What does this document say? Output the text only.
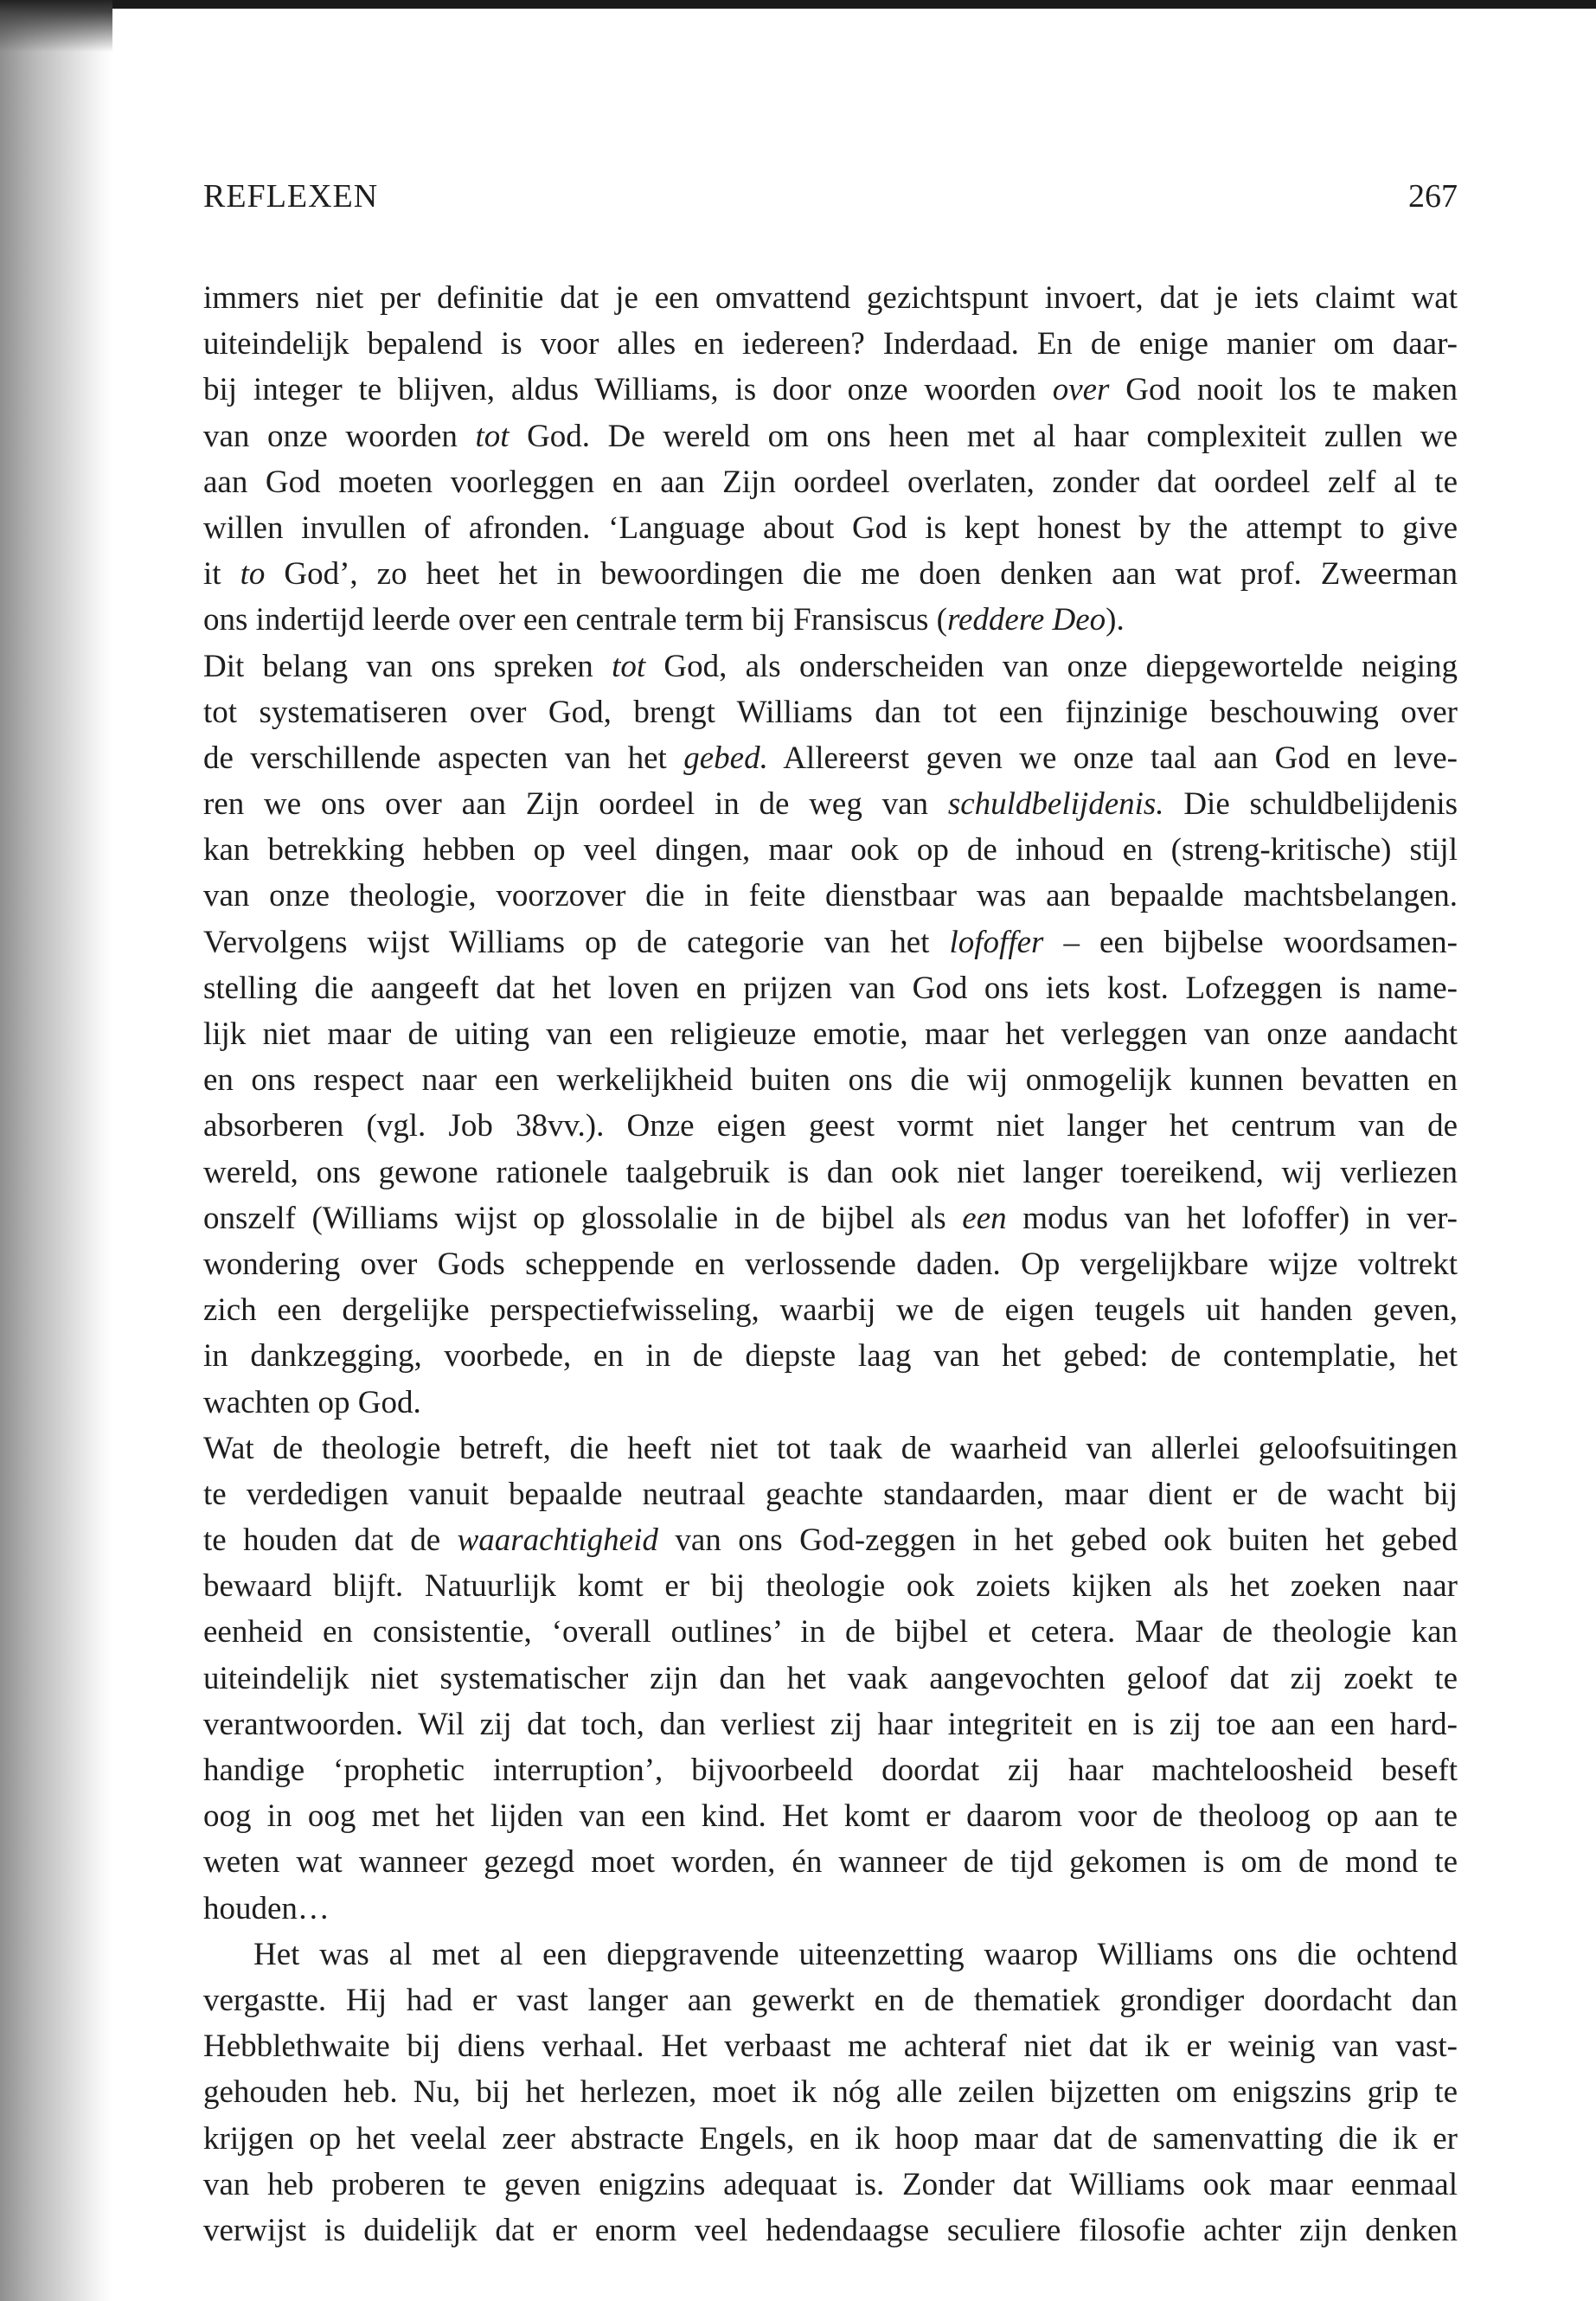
REFLEXEN	267
immers niet per definitie dat je een omvattend gezichtspunt invoert, dat je iets claimt wat
uiteindelijk bepalend is voor alles en iedereen? Inderdaad. En de enige manier om daar-
bij integer te blijven, aldus Williams, is door onze woorden over God nooit los te maken
van onze woorden tot God. De wereld om ons heen met al haar complexiteit zullen we
aan God moeten voorleggen en aan Zijn oordeel overlaten, zonder dat oordeel zelf al te
willen invullen of afronden. ‘Language about God is kept honest by the attempt to give
it to God’, zo heet het in bewoordingen die me doen denken aan wat prof. Zweerman
ons indertijd leerde over een centrale term bij Fransiscus (reddere Deo).
Dit belang van ons spreken tot God, als onderscheiden van onze diepgewortelde neiging
tot systematiseren over God, brengt Williams dan tot een fijnzinige beschouwing over
de verschillende aspecten van het gebed. Allereerst geven we onze taal aan God en leve-
ren we ons over aan Zijn oordeel in de weg van schuldbelijdenis. Die schuldbelijdenis
kan betrekking hebben op veel dingen, maar ook op de inhoud en (streng-kritische) stijl
van onze theologie, voorzover die in feite dienstbaar was aan bepaalde machtsbelangen.
Vervolgens wijst Williams op de categorie van het lofoffer – een bijbelse woordsamen-
stelling die aangeeft dat het loven en prijzen van God ons iets kost. Lofzeggen is name-
lijk niet maar de uiting van een religieuze emotie, maar het verleggen van onze aandacht
en ons respect naar een werkelijkheid buiten ons die wij onmogelijk kunnen bevatten en
absorberen (vgl. Job 38vv.). Onze eigen geest vormt niet langer het centrum van de
wereld, ons gewone rationele taalgebruik is dan ook niet langer toereikend, wij verliezen
onszelf (Williams wijst op glossolalie in de bijbel als een modus van het lofoffer) in ver-
wondering over Gods scheppende en verlossende daden. Op vergelijkbare wijze voltrekt
zich een dergelijke perspectiefwisseling, waarbij we de eigen teugels uit handen geven,
in dankzegging, voorbede, en in de diepste laag van het gebed: de contemplatie, het
wachten op God.
Wat de theologie betreft, die heeft niet tot taak de waarheid van allerlei geloofsuitingen
te verdedigen vanuit bepaalde neutraal geachte standaarden, maar dient er de wacht bij
te houden dat de waarachtigheid van ons God-zeggen in het gebed ook buiten het gebed
bewaard blijft. Natuurlijk komt er bij theologie ook zoiets kijken als het zoeken naar
eenheid en consistentie, ‘overall outlines’ in de bijbel et cetera. Maar de theologie kan
uiteindelijk niet systematischer zijn dan het vaak aangevochten geloof dat zij zoekt te
verantwoorden. Wil zij dat toch, dan verliest zij haar integriteit en is zij toe aan een hard-
handige ‘prophetic interruption’, bijvoorbeeld doordat zij haar machteloosheid beseft
oog in oog met het lijden van een kind. Het komt er daarom voor de theoloog op aan te
weten wat wanneer gezegd moet worden, én wanneer de tijd gekomen is om de mond te
houden…
Het was al met al een diepgravende uiteenzetting waarop Williams ons die ochtend
vergastte. Hij had er vast langer aan gewerkt en de thematiek grondiger doordacht dan
Hebblethwaite bij diens verhaal. Het verbaast me achteraf niet dat ik er weinig van vast-
gehouden heb. Nu, bij het herlezen, moet ik nóg alle zeilen bijzetten om enigszins grip te
krijgen op het veelal zeer abstracte Engels, en ik hoop maar dat de samenvatting die ik er
van heb proberen te geven enigzins adequaat is. Zonder dat Williams ook maar eenmaal
verwijst is duidelijk dat er enorm veel hedendaagse seculiere filosofie achter zijn denken
